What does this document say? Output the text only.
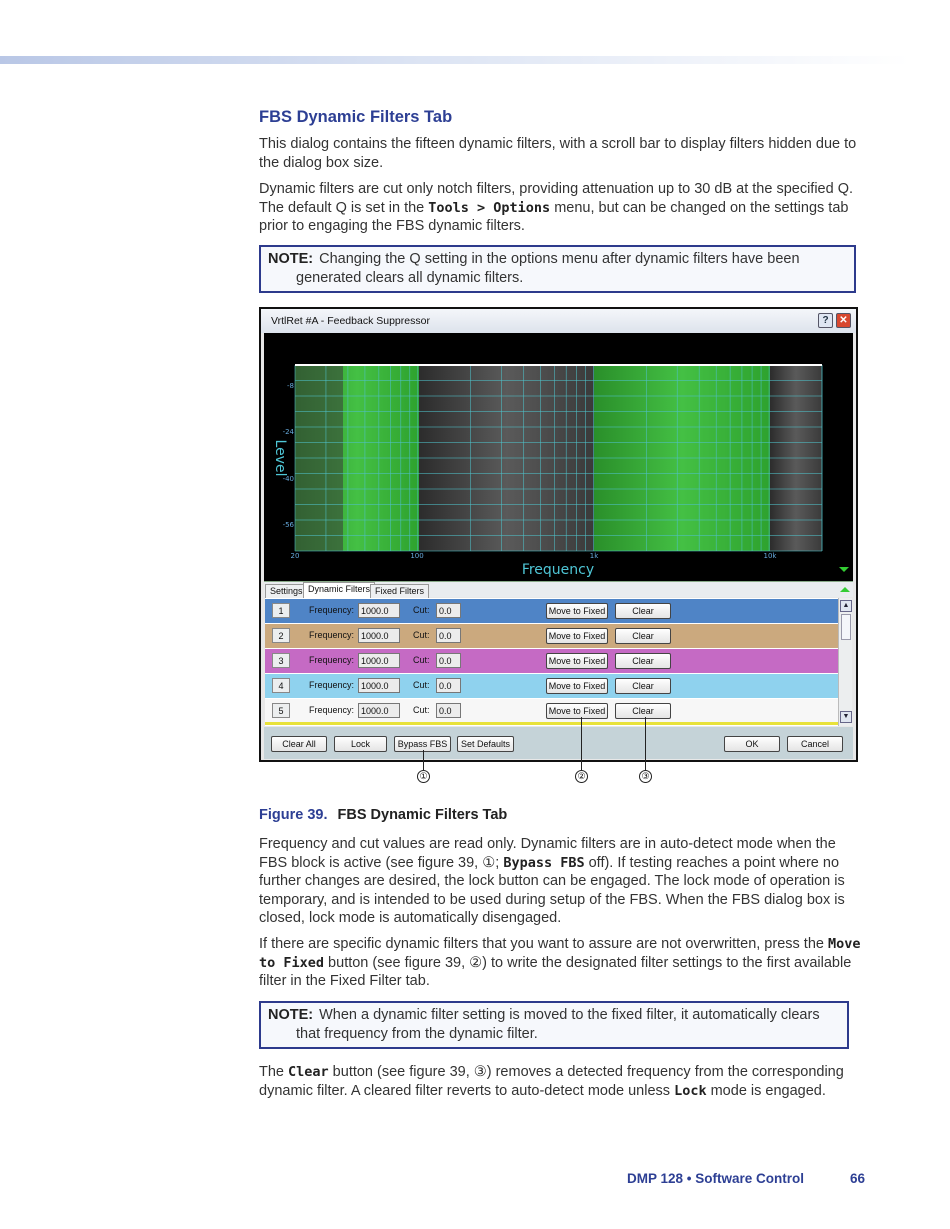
FBS Dynamic Filters Tab

This dialog contains the fifteen dynamic filters, with a scroll bar to display filters hidden due to the dialog box size.

Dynamic filters are cut only notch filters, providing attenuation up to 30 dB at the specified Q. The default Q is set in the Tools > Options menu, but can be changed on the settings tab prior to engaging the FBS dynamic filters.

NOTE: Changing the Q setting in the options menu after dynamic filters have been generated clears all dynamic filters.
VrtlRet #A - Feedback Suppressor	?	✕
Level
-8
-24
-40
-56
20	100	1k	10k
Frequency
Settings Dynamic Filters Fixed Filters
1	Frequency: 1000.0	Cut:	0.0	Move to Fixed	Clear
2	Frequency: 1000.0	Cut:	0.0	Move to Fixed	Clear
3	Frequency: 1000.0	Cut:	0.0	Move to Fixed	Clear
4	Frequency: 1000.0	Cut:	0.0	Move to Fixed	Clear
5	Frequency: 1000.0	Cut:	0.0	Move to Fixed	Clear
▲
▼
Clear All	Lock	Bypass FBS	Set Defaults	OK	Cancel
①	②	③
Figure 39. FBS Dynamic Filters Tab

Frequency and cut values are read only. Dynamic filters are in auto-detect mode when the FBS block is active (see figure 39, ①; Bypass FBS off). If testing reaches a point where no further changes are desired, the lock button can be engaged. The lock mode of operation is temporary, and is intended to be used during setup of the FBS. When the FBS dialog box is closed, lock mode is automatically disengaged.

If there are specific dynamic filters that you want to assure are not overwritten, press the Move to Fixed button (see figure 39, ②) to write the designated filter settings to the first available filter in the Fixed Filter tab.

NOTE: When a dynamic filter setting is moved to the fixed filter, it automatically clears that frequency from the dynamic filter.

The Clear button (see figure 39, ③) removes a detected frequency from the corresponding dynamic filter. A cleared filter reverts to auto-detect mode unless Lock mode is engaged.

DMP 128 • Software Control	66
